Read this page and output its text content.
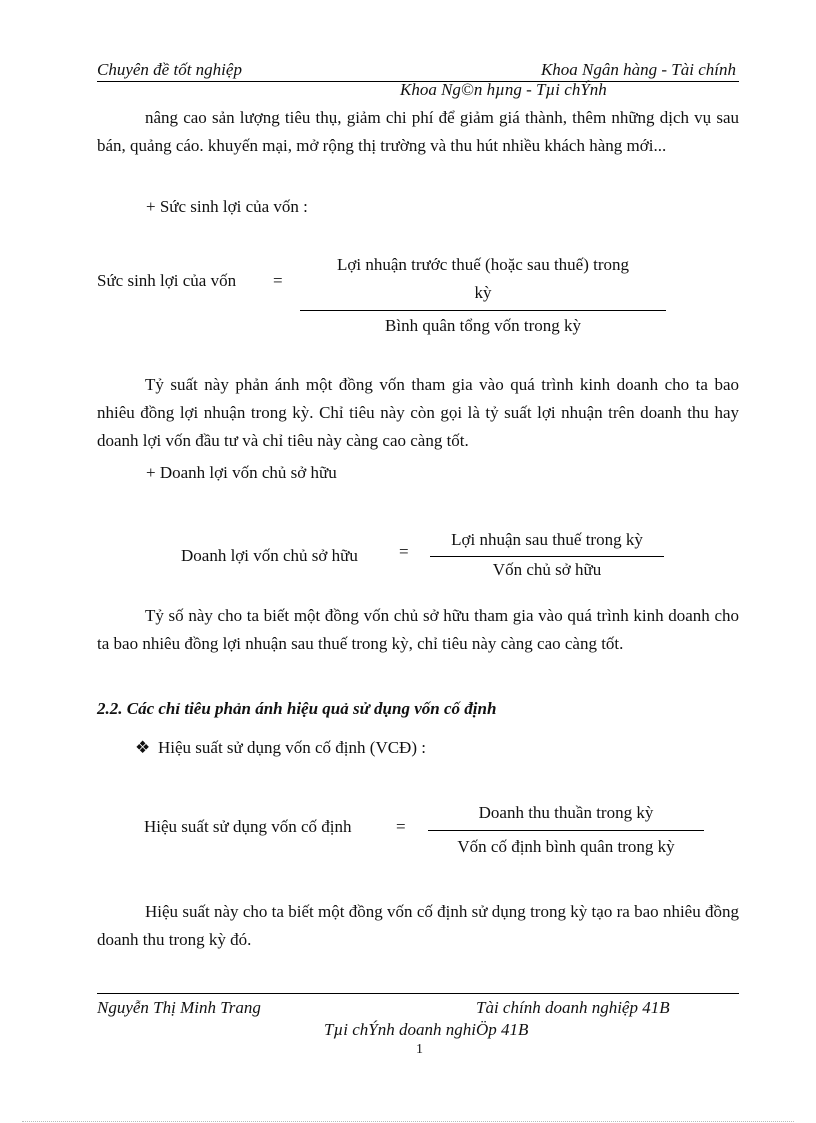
Chuyên đề tốt nghiệp	Khoa Ngân hàng - Tài chính
Khoa Ng©n hµng - Tµi chÝnh
nâng cao sản lượng tiêu thụ, giảm chi phí để giảm giá thành, thêm những dịch vụ sau bán, quảng cáo. khuyến mại, mở rộng thị trường và thu hút nhiều khách hàng mới...
+ Sức sinh lợi của vốn :
Sức sinh lợi của vốn =
Lợi nhuận trước thuế (hoặc sau thuế) trong
kỳ
Bình quân tổng vốn trong kỳ
Tỷ suất này phản ánh một đồng vốn tham gia vào quá trình kinh doanh cho ta bao nhiêu đồng lợi nhuận trong kỳ. Chỉ tiêu này còn gọi là tỷ suất lợi nhuận trên doanh thu hay doanh lợi vốn đầu tư và chỉ tiêu này càng cao càng tốt.
+ Doanh lợi vốn chủ sở hữu
Doanh lợi vốn chủ sở hữu =
Lợi nhuận sau thuế trong kỳ
Vốn chủ sở hữu
Tỷ số này cho ta biết một đồng vốn chủ sở hữu tham gia vào quá trình kinh doanh cho ta bao nhiêu đồng lợi nhuận sau thuế trong kỳ, chỉ tiêu này càng cao càng tốt.
2.2. Các chỉ tiêu phản ánh hiệu quả sử dụng vốn cố định
❖ Hiệu suất sử dụng vốn cố định (VCĐ) :
Hiệu suất sử dụng vốn cố định	=
Doanh thu thuần trong kỳ
Vốn cố định bình quân trong kỳ
Hiệu suất này cho ta biết một đồng vốn cố định sử dụng trong kỳ tạo ra bao nhiêu đồng doanh thu trong kỳ đó.
Nguyễn Thị Minh Trang	Tài chính doanh nghiệp 41B
Tµi chÝnh doanh nghiÖp 41B
1
